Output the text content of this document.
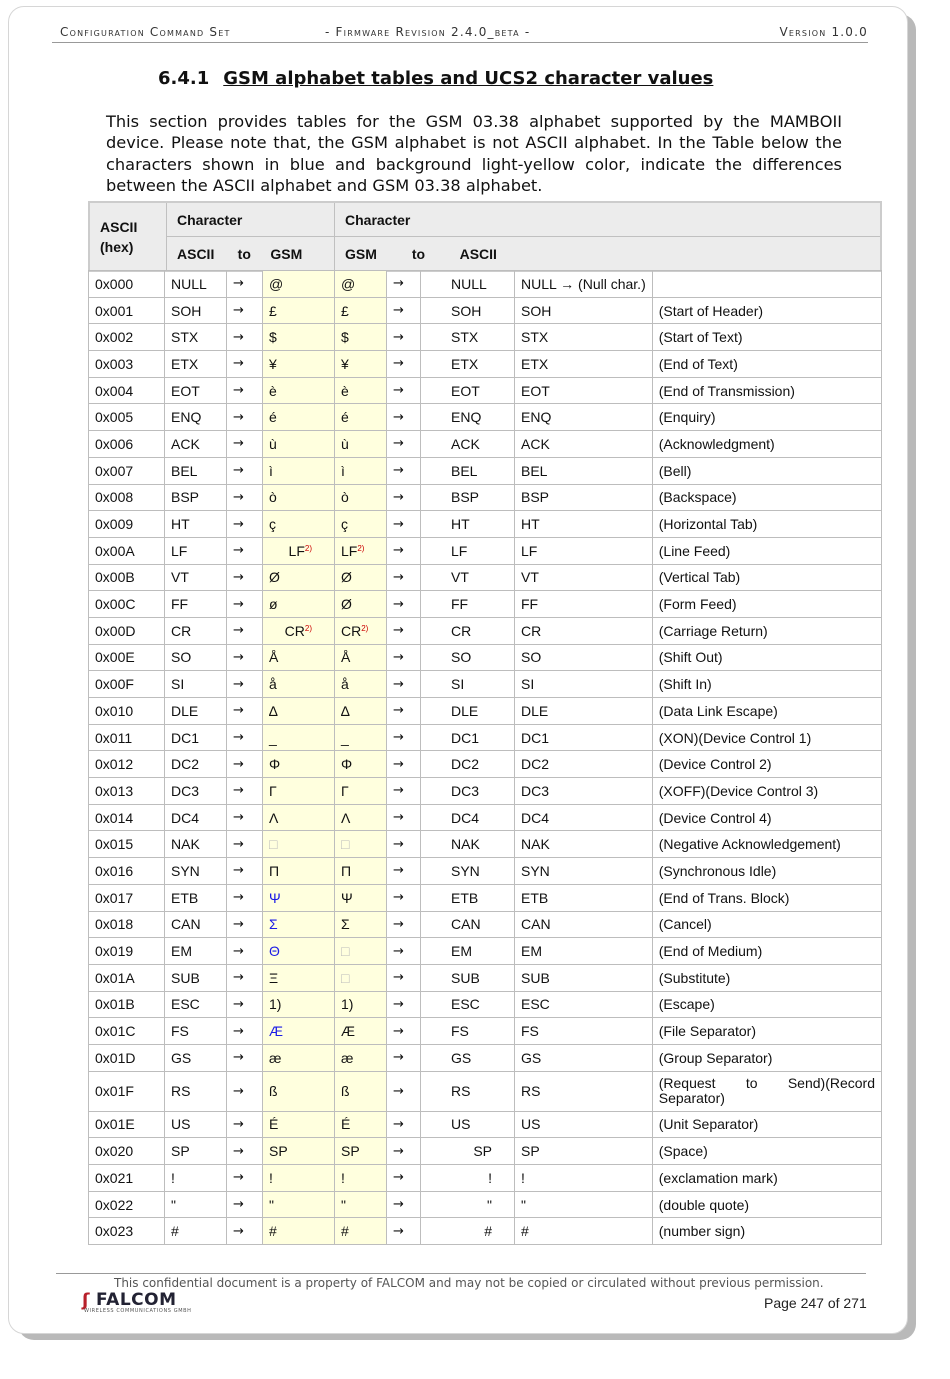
Configuration Command Set	- Firmware Revision 2.4.0_beta -	Version 1.0.0
6.4.1 GSM alphabet tables and UCS2 character values
This section provides tables for the GSM 03.38 alphabet supported by the MAMBOII device. Please note that, the GSM alphabet is not ASCII alphabet. In the Table below the characters shown in blue and background light-yellow color, indicate the differences between the ASCII alphabet and GSM 03.38 alphabet.
ASCII
(hex)	Character	Character
	ASCII      to     GSM	GSM         to         ASCII
0x000	NULL	→	@	@	→	NULL	NULL → (Null char.)	
0x001	SOH	→	£	£	→	SOH	SOH	(Start of Header)
0x002	STX	→	$	$	→	STX	STX	(Start of Text)
0x003	ETX	→	¥	¥	→	ETX	ETX	(End of Text)
0x004	EOT	→	è	è	→	EOT	EOT	(End of Transmission)
0x005	ENQ	→	é	é	→	ENQ	ENQ	(Enquiry)
0x006	ACK	→	ù	ù	→	ACK	ACK	(Acknowledgment)
0x007	BEL	→	ì	ì	→	BEL	BEL	(Bell)
0x008	BSP	→	ò	ò	→	BSP	BSP	(Backspace)
0x009	HT	→	ç	ç	→	HT	HT	(Horizontal Tab)
0x00A	LF	→	$LF^{2)}$	$LF^{2)}$	→	LF	LF	(Line Feed)
0x00B	VT	→	Ø	Ø	→	VT	VT	(Vertical Tab)
0x00C	FF	→	ø	Ø	→	FF	FF	(Form Feed)
0x00D	CR	→	$CR^{2)}$	$CR^{2)}$	→	CR	CR	(Carriage Return)
0x00E	SO	→	Å	Å	→	SO	SO	(Shift Out)
0x00F	SI	→	å	å	→	SI	SI	(Shift In)
0x010	DLE	→	∆	∆	→	DLE	DLE	(Data Link Escape)
0x011	DC1	→	_	_	→	DC1	DC1	(XON)(Device Control 1)
0x012	DC2	→	Φ	Φ	→	DC2	DC2	(Device Control 2)
0x013	DC3	→	Γ	Γ	→	DC3	DC3	(XOFF)(Device Control 3)
0x014	DC4	→	Λ	Λ	→	DC4	DC4	(Device Control 4)
0x015	NAK	→	□	□	→	NAK	NAK	(Negative Acknowledgement)
0x016	SYN	→	Π	Π	→	SYN	SYN	(Synchronous Idle)
0x017	ETB	→	Ψ	Ψ	→	ETB	ETB	(End of Trans. Block)
0x018	CAN	→	Σ	Σ	→	CAN	CAN	(Cancel)
0x019	EM	→	Θ	□	→	EM	EM	(End of Medium)
0x01A	SUB	→	Ξ	□	→	SUB	SUB	(Substitute)
0x01B	ESC	→	1)	1)	→	ESC	ESC	(Escape)
0x01C	FS	→	Æ	Æ	→	FS	FS	(File Separator)
0x01D	GS	→	æ	æ	→	GS	GS	(Group Separator)
0x01F	RS	→	ß	ß	→	RS	RS	(Request to Send)(Record Separator)
0x01E	US	→	É	É	→	US	US	(Unit Separator)
0x020	SP	→	SP	SP	→	SP	SP	(Space)
0x021	!	→	!	!	→	!	!	(exclamation mark)
0x022	"	→	"	"	→	"	"	(double quote)
0x023	#	→	#	#	→	#	#	(number sign)
This confidential document is a property of FALCOM and may not be copied or circulated without previous permission.
ʃ FALCOM
WIRELESS COMMUNICATIONS GMBH	Page 247 of 271
